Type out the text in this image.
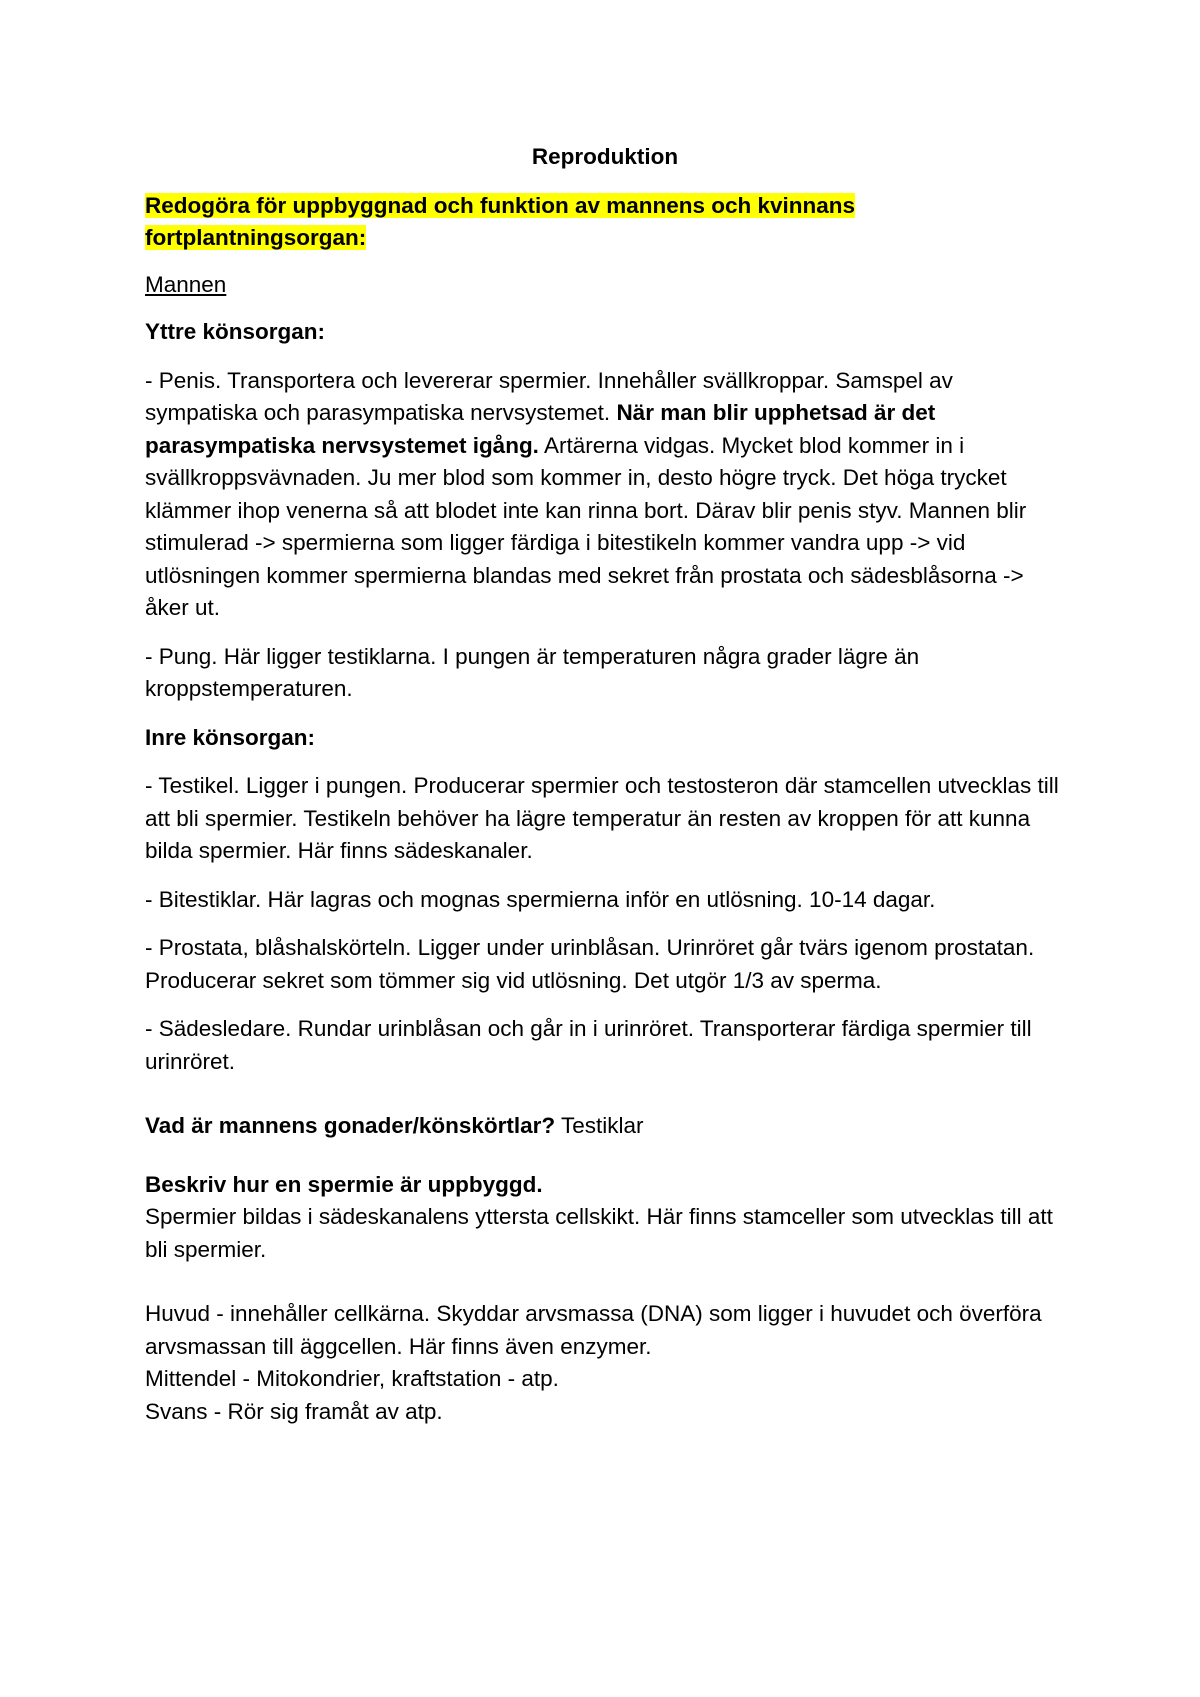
Reproduktion
Redogöra för uppbyggnad och funktion av mannens och kvinnans fortplantningsorgan:
Mannen
Yttre könsorgan:

- Penis. Transportera och levererar spermier. Innehåller svällkroppar. Samspel av sympatiska och parasympatiska nervsystemet. När man blir upphetsad är det parasympatiska nervsystemet igång. Artärerna vidgas. Mycket blod kommer in i svällkroppsvävnaden. Ju mer blod som kommer in, desto högre tryck. Det höga trycket klämmer ihop venerna så att blodet inte kan rinna bort. Därav blir penis styv. Mannen blir stimulerad -> spermierna som ligger färdiga i bitestikeln kommer vandra upp -> vid utlösningen kommer spermierna blandas med sekret från prostata och sädesblåsorna -> åker ut.

- Pung. Här ligger testiklarna. I pungen är temperaturen några grader lägre än kroppstemperaturen.

Inre könsorgan:

- Testikel. Ligger i pungen. Producerar spermier och testosteron där stamcellen utvecklas till att bli spermier. Testikeln behöver ha lägre temperatur än resten av kroppen för att kunna bilda spermier. Här finns sädeskanaler.

- Bitestiklar. Här lagras och mognas spermierna inför en utlösning. 10-14 dagar.

- Prostata, blåshalskörteln. Ligger under urinblåsan. Urinröret går tvärs igenom prostatan. Producerar sekret som tömmer sig vid utlösning. Det utgör 1/3 av sperma.

- Sädesledare. Rundar urinblåsan och går in i urinröret. Transporterar färdiga spermier till urinröret.

Vad är mannens gonader/könskörtlar? Testiklar
Beskriv hur en spermie är uppbyggd.
Spermier bildas i sädeskanalens yttersta cellskikt. Här finns stamceller som utvecklas till att bli spermier.
Huvud - innehåller cellkärna. Skyddar arvsmassa (DNA) som ligger i huvudet och överföra arvsmassan till äggcellen. Här finns även enzymer.
Mittendel - Mitokondrier, kraftstation - atp.
Svans - Rör sig framåt av atp.
